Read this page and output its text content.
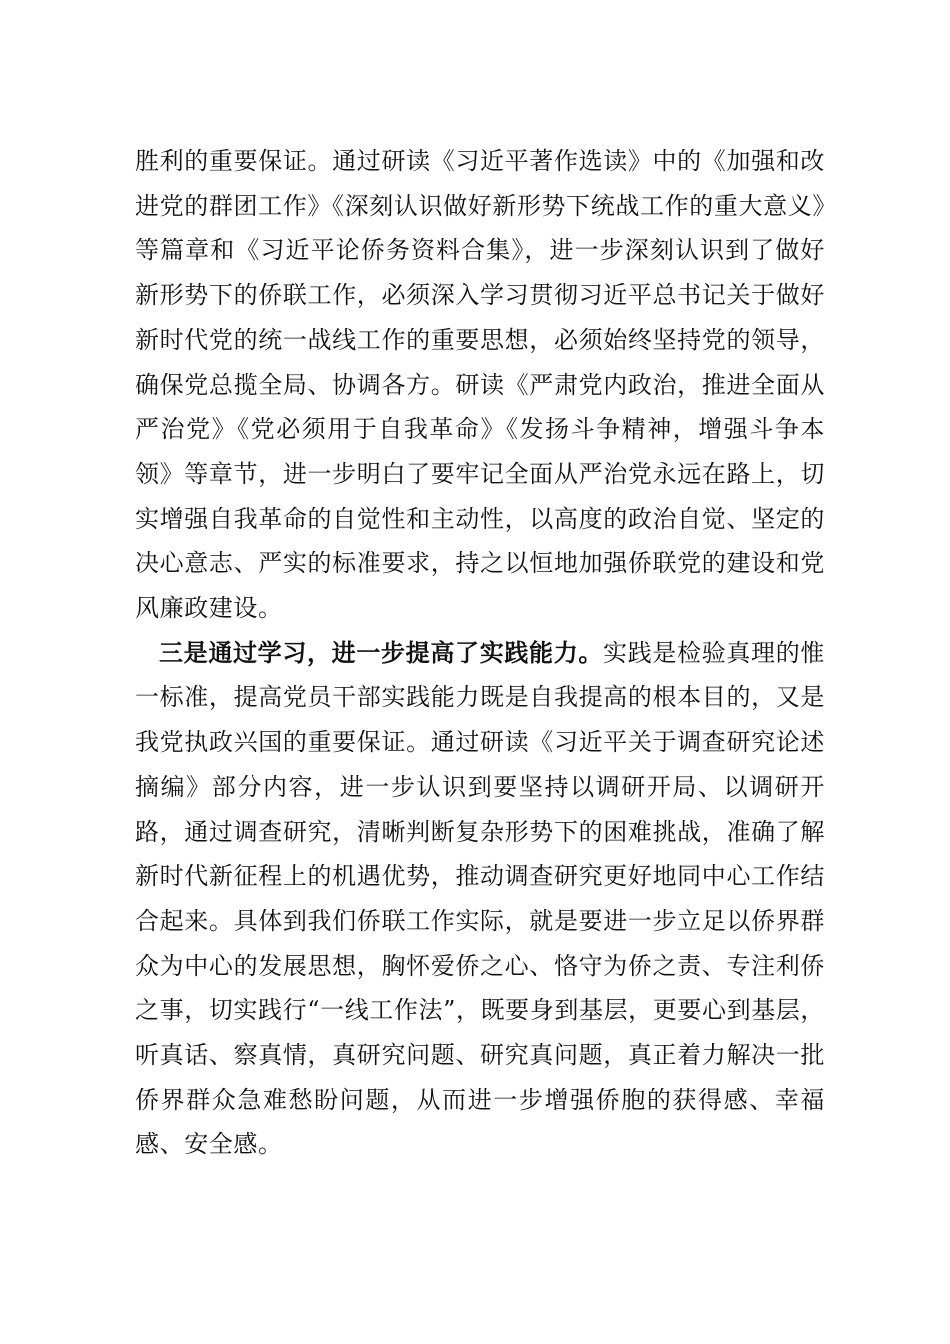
胜利的重要保证。通过研读《习近平著作选读》中的《加强和改进党的群团工作》《深刻认识做好新形势下统战工作的重大意义》等篇章和《习近平论侨务资料合集》，进一步深刻认识到了做好新形势下的侨联工作，必须深入学习贯彻习近平总书记关于做好新时代党的统一战线工作的重要思想，必须始终坚持党的领导，确保党总揽全局、协调各方。研读《严肃党内政治，推进全面从严治党》《党必须用于自我革命》《发扬斗争精神，增强斗争本领》等章节，进一步明白了要牢记全面从严治党永远在路上，切实增强自我革命的自觉性和主动性，以高度的政治自觉、坚定的决心意志、严实的标准要求，持之以恒地加强侨联党的建设和党风廉政建设。

三是通过学习，进一步提高了实践能力。实践是检验真理的惟一标准，提高党员干部实践能力既是自我提高的根本目的，又是我党执政兴国的重要保证。通过研读《习近平关于调查研究论述摘编》部分内容，进一步认识到要坚持以调研开局、以调研开路，通过调查研究，清晰判断复杂形势下的困难挑战，准确了解新时代新征程上的机遇优势，推动调查研究更好地同中心工作结合起来。具体到我们侨联工作实际，就是要进一步立足以侨界群众为中心的发展思想，胸怀爱侨之心、恪守为侨之责、专注利侨之事，切实践行“一线工作法”，既要身到基层，更要心到基层，听真话、察真情，真研究问题、研究真问题，真正着力解决一批侨界群众急难愁盼问题，从而进一步增强侨胞的获得感、幸福感、安全感。
